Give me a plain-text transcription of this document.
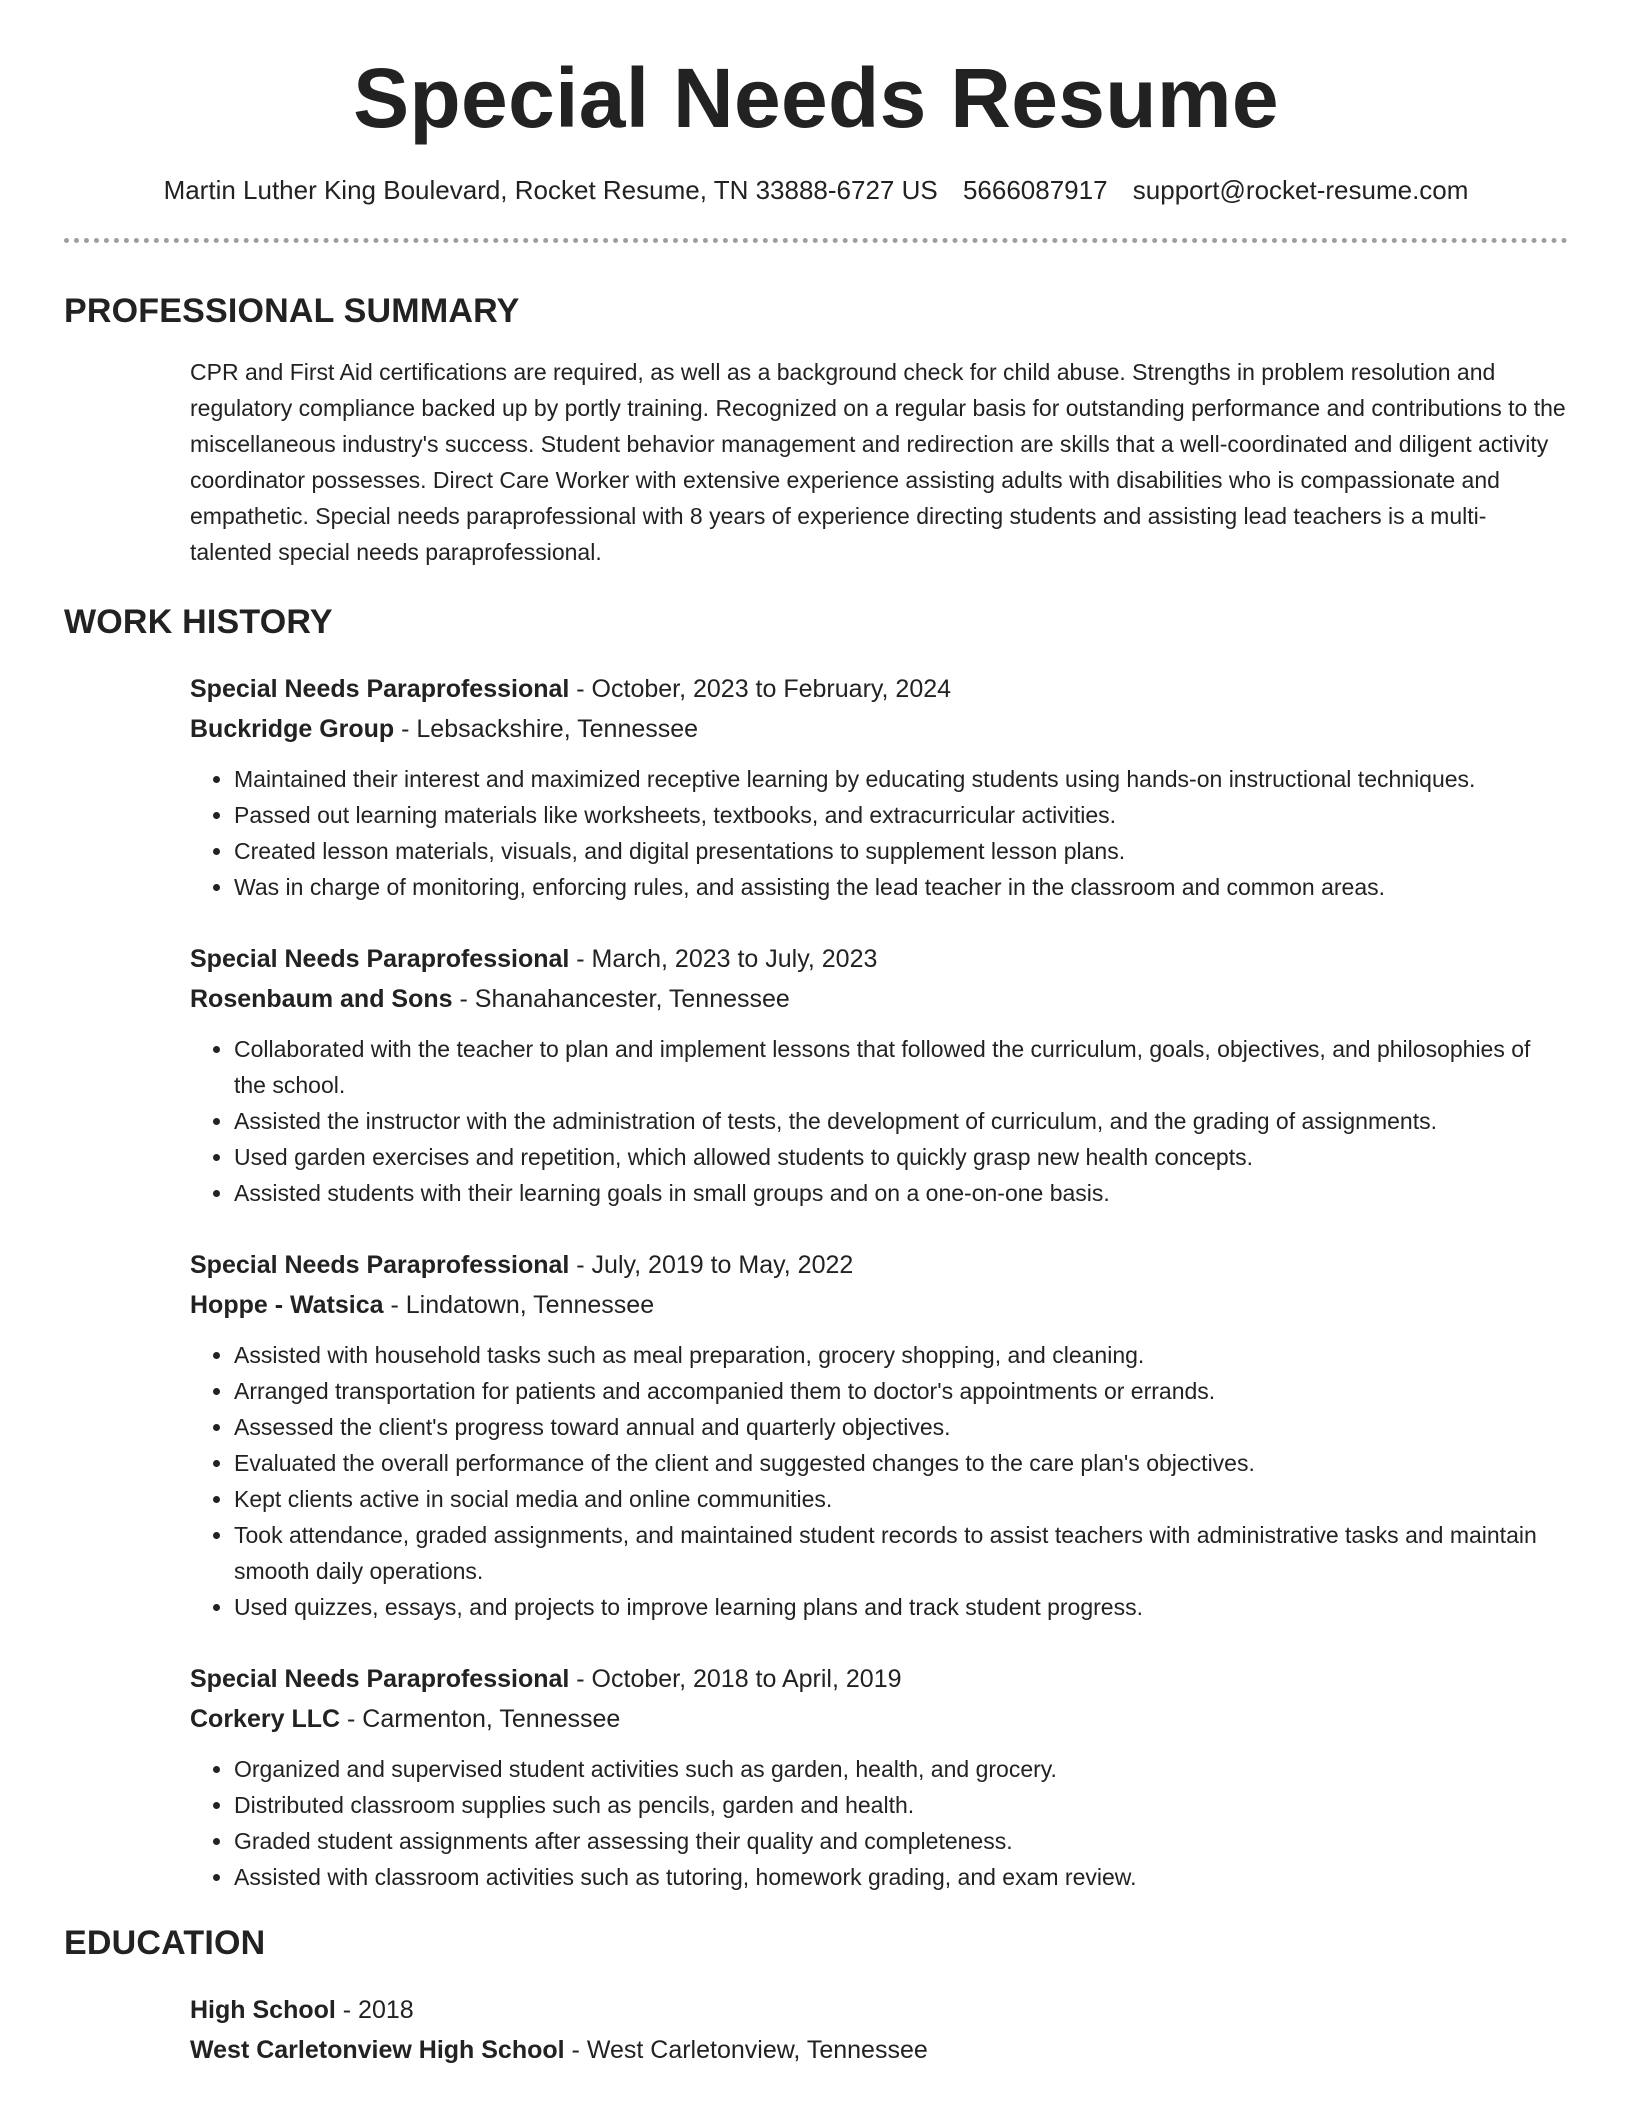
Special Needs Resume
Martin Luther King Boulevard, Rocket Resume, TN 33888-6727 US 5666087917 support@rocket-resume.com
PROFESSIONAL SUMMARY

CPR and First Aid certifications are required, as well as a background check for child abuse. Strengths in problem resolution and regulatory compliance backed up by portly training. Recognized on a regular basis for outstanding performance and contributions to the miscellaneous industry's success. Student behavior management and redirection are skills that a well-coordinated and diligent activity coordinator possesses. Direct Care Worker with extensive experience assisting adults with disabilities who is compassionate and empathetic. Special needs paraprofessional with 8 years of experience directing students and assisting lead teachers is a multi-talented special needs paraprofessional.

WORK HISTORY
Special Needs Paraprofessional - October, 2023 to February, 2024
Buckridge Group - Lebsackshire, Tennessee
• Maintained their interest and maximized receptive learning by educating students using hands-on instructional techniques.
• Passed out learning materials like worksheets, textbooks, and extracurricular activities.
• Created lesson materials, visuals, and digital presentations to supplement lesson plans.
• Was in charge of monitoring, enforcing rules, and assisting the lead teacher in the classroom and common areas.
Special Needs Paraprofessional - March, 2023 to July, 2023
Rosenbaum and Sons - Shanahancester, Tennessee
• Collaborated with the teacher to plan and implement lessons that followed the curriculum, goals, objectives, and philosophies of the school.
• Assisted the instructor with the administration of tests, the development of curriculum, and the grading of assignments.
• Used garden exercises and repetition, which allowed students to quickly grasp new health concepts.
• Assisted students with their learning goals in small groups and on a one-on-one basis.
Special Needs Paraprofessional - July, 2019 to May, 2022
Hoppe - Watsica - Lindatown, Tennessee
• Assisted with household tasks such as meal preparation, grocery shopping, and cleaning.
• Arranged transportation for patients and accompanied them to doctor's appointments or errands.
• Assessed the client's progress toward annual and quarterly objectives.
• Evaluated the overall performance of the client and suggested changes to the care plan's objectives.
• Kept clients active in social media and online communities.
• Took attendance, graded assignments, and maintained student records to assist teachers with administrative tasks and maintain smooth daily operations.
• Used quizzes, essays, and projects to improve learning plans and track student progress.
Special Needs Paraprofessional - October, 2018 to April, 2019
Corkery LLC - Carmenton, Tennessee
• Organized and supervised student activities such as garden, health, and grocery.
• Distributed classroom supplies such as pencils, garden and health.
• Graded student assignments after assessing their quality and completeness.
• Assisted with classroom activities such as tutoring, homework grading, and exam review.
EDUCATION
High School - 2018
West Carletonview High School - West Carletonview, Tennessee
